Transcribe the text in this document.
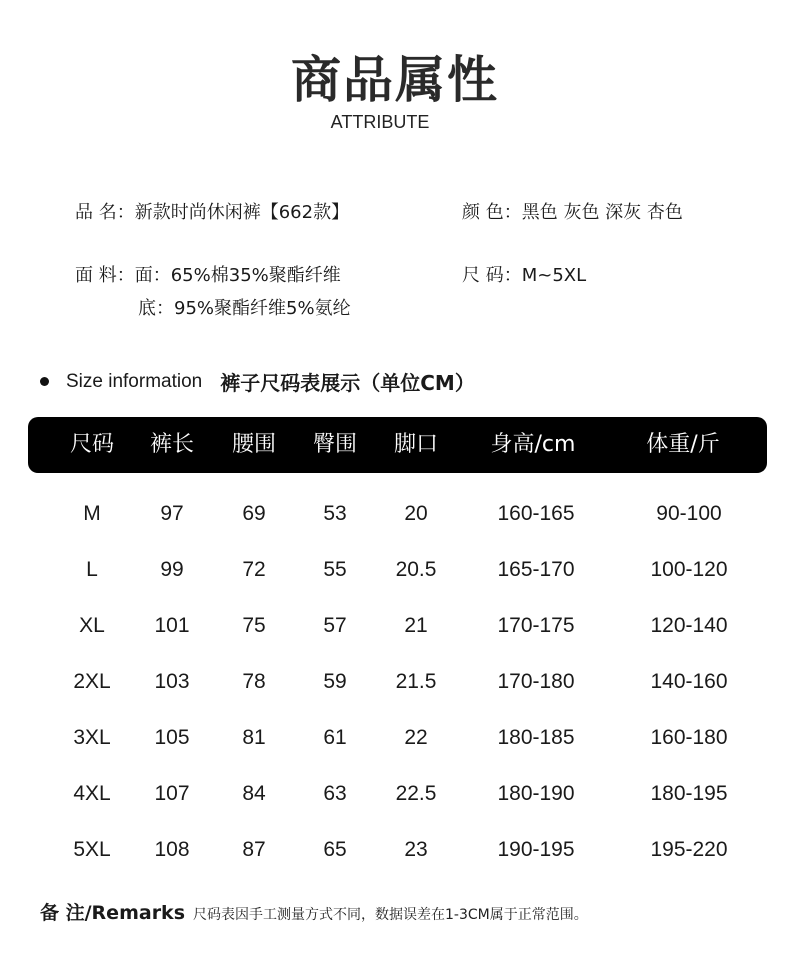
商品属性
ATTRIBUTE
品 名：新款时尚休闲裤【662款】	颜 色：黑色 灰色 深灰 杏色
面 料：面：65%棉35%聚酯纤维
底：95%聚酯纤维5%氨纶
尺 码：M~5XL
Size information 裤子尺码表展示（单位CM）
尺码 裤长 腰围 臀围 脚口 身高/cm	体重/斤
M	97	69	53	20	160-165	90-100
L	99	72	55 20.5	165-170	100-120
XL 101	75	57	21	170-175	120-140
2XL 103	78	59 21.5	170-180	140-160
3XL 105	81	61	22	180-185	160-180
4XL 107	84	63 22.5	180-190	180-195
5XL 108	87	65	23	190-195	195-220
备 注/Remarks 尺码表因手工测量方式不同，数据误差在1-3CM属于正常范围。
